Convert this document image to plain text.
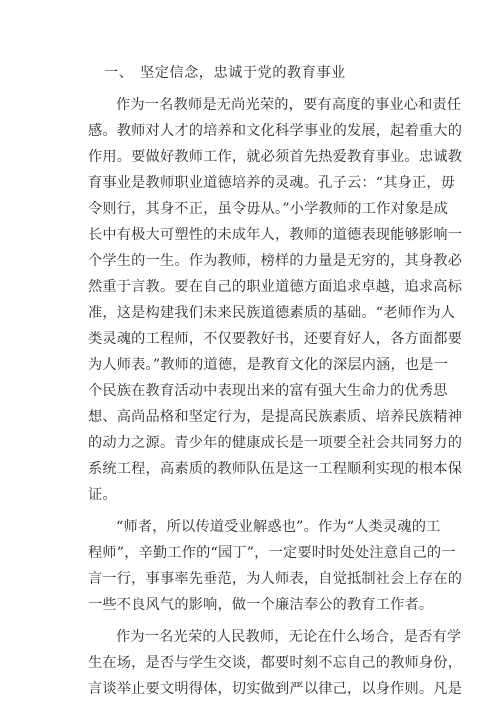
一、 坚定信念，忠诚于党的教育事业
作为一名教师是无尚光荣的，要有高度的事业心和责任
感。教师对人才的培养和文化科学事业的发展，起着重大的
作用。要做好教师工作，就必须首先热爱教育事业。忠诚教
育事业是教师职业道德培养的灵魂。孔子云：“其身正，毋
令则行，其身不正，虽令毋从。”小学教师的工作对象是成
长中有极大可塑性的未成年人，教师的道德表现能够影响一
个学生的一生。作为教师，榜样的力量是无穷的，其身教必
然重于言教。要在自己的职业道德方面追求卓越，追求高标
准，这是构建我们未来民族道德素质的基础。“老师作为人
类灵魂的工程师，不仅要教好书，还要育好人，各方面都要
为人师表。”教师的道德，是教育文化的深层内涵，也是一
个民族在教育活动中表现出来的富有强大生命力的优秀思
想、高尚品格和坚定行为，是提高民族素质、培养民族精神
的动力之源。青少年的健康成长是一项要全社会共同努力的
系统工程，高素质的教师队伍是这一工程顺利实现的根本保
证。
“师者，所以传道受业解惑也”。作为“人类灵魂的工
程师”，辛勤工作的“园丁”，一定要时时处处注意自己的一
言一行，事事率先垂范，为人师表，自觉抵制社会上存在的
一些不良风气的影响，做一个廉洁奉公的教育工作者。
作为一名光荣的人民教师，无论在什么场合，是否有学
生在场，是否与学生交谈，都要时刻不忘自己的教师身份，
言谈举止要文明得体，切实做到严以律己，以身作则。凡是
